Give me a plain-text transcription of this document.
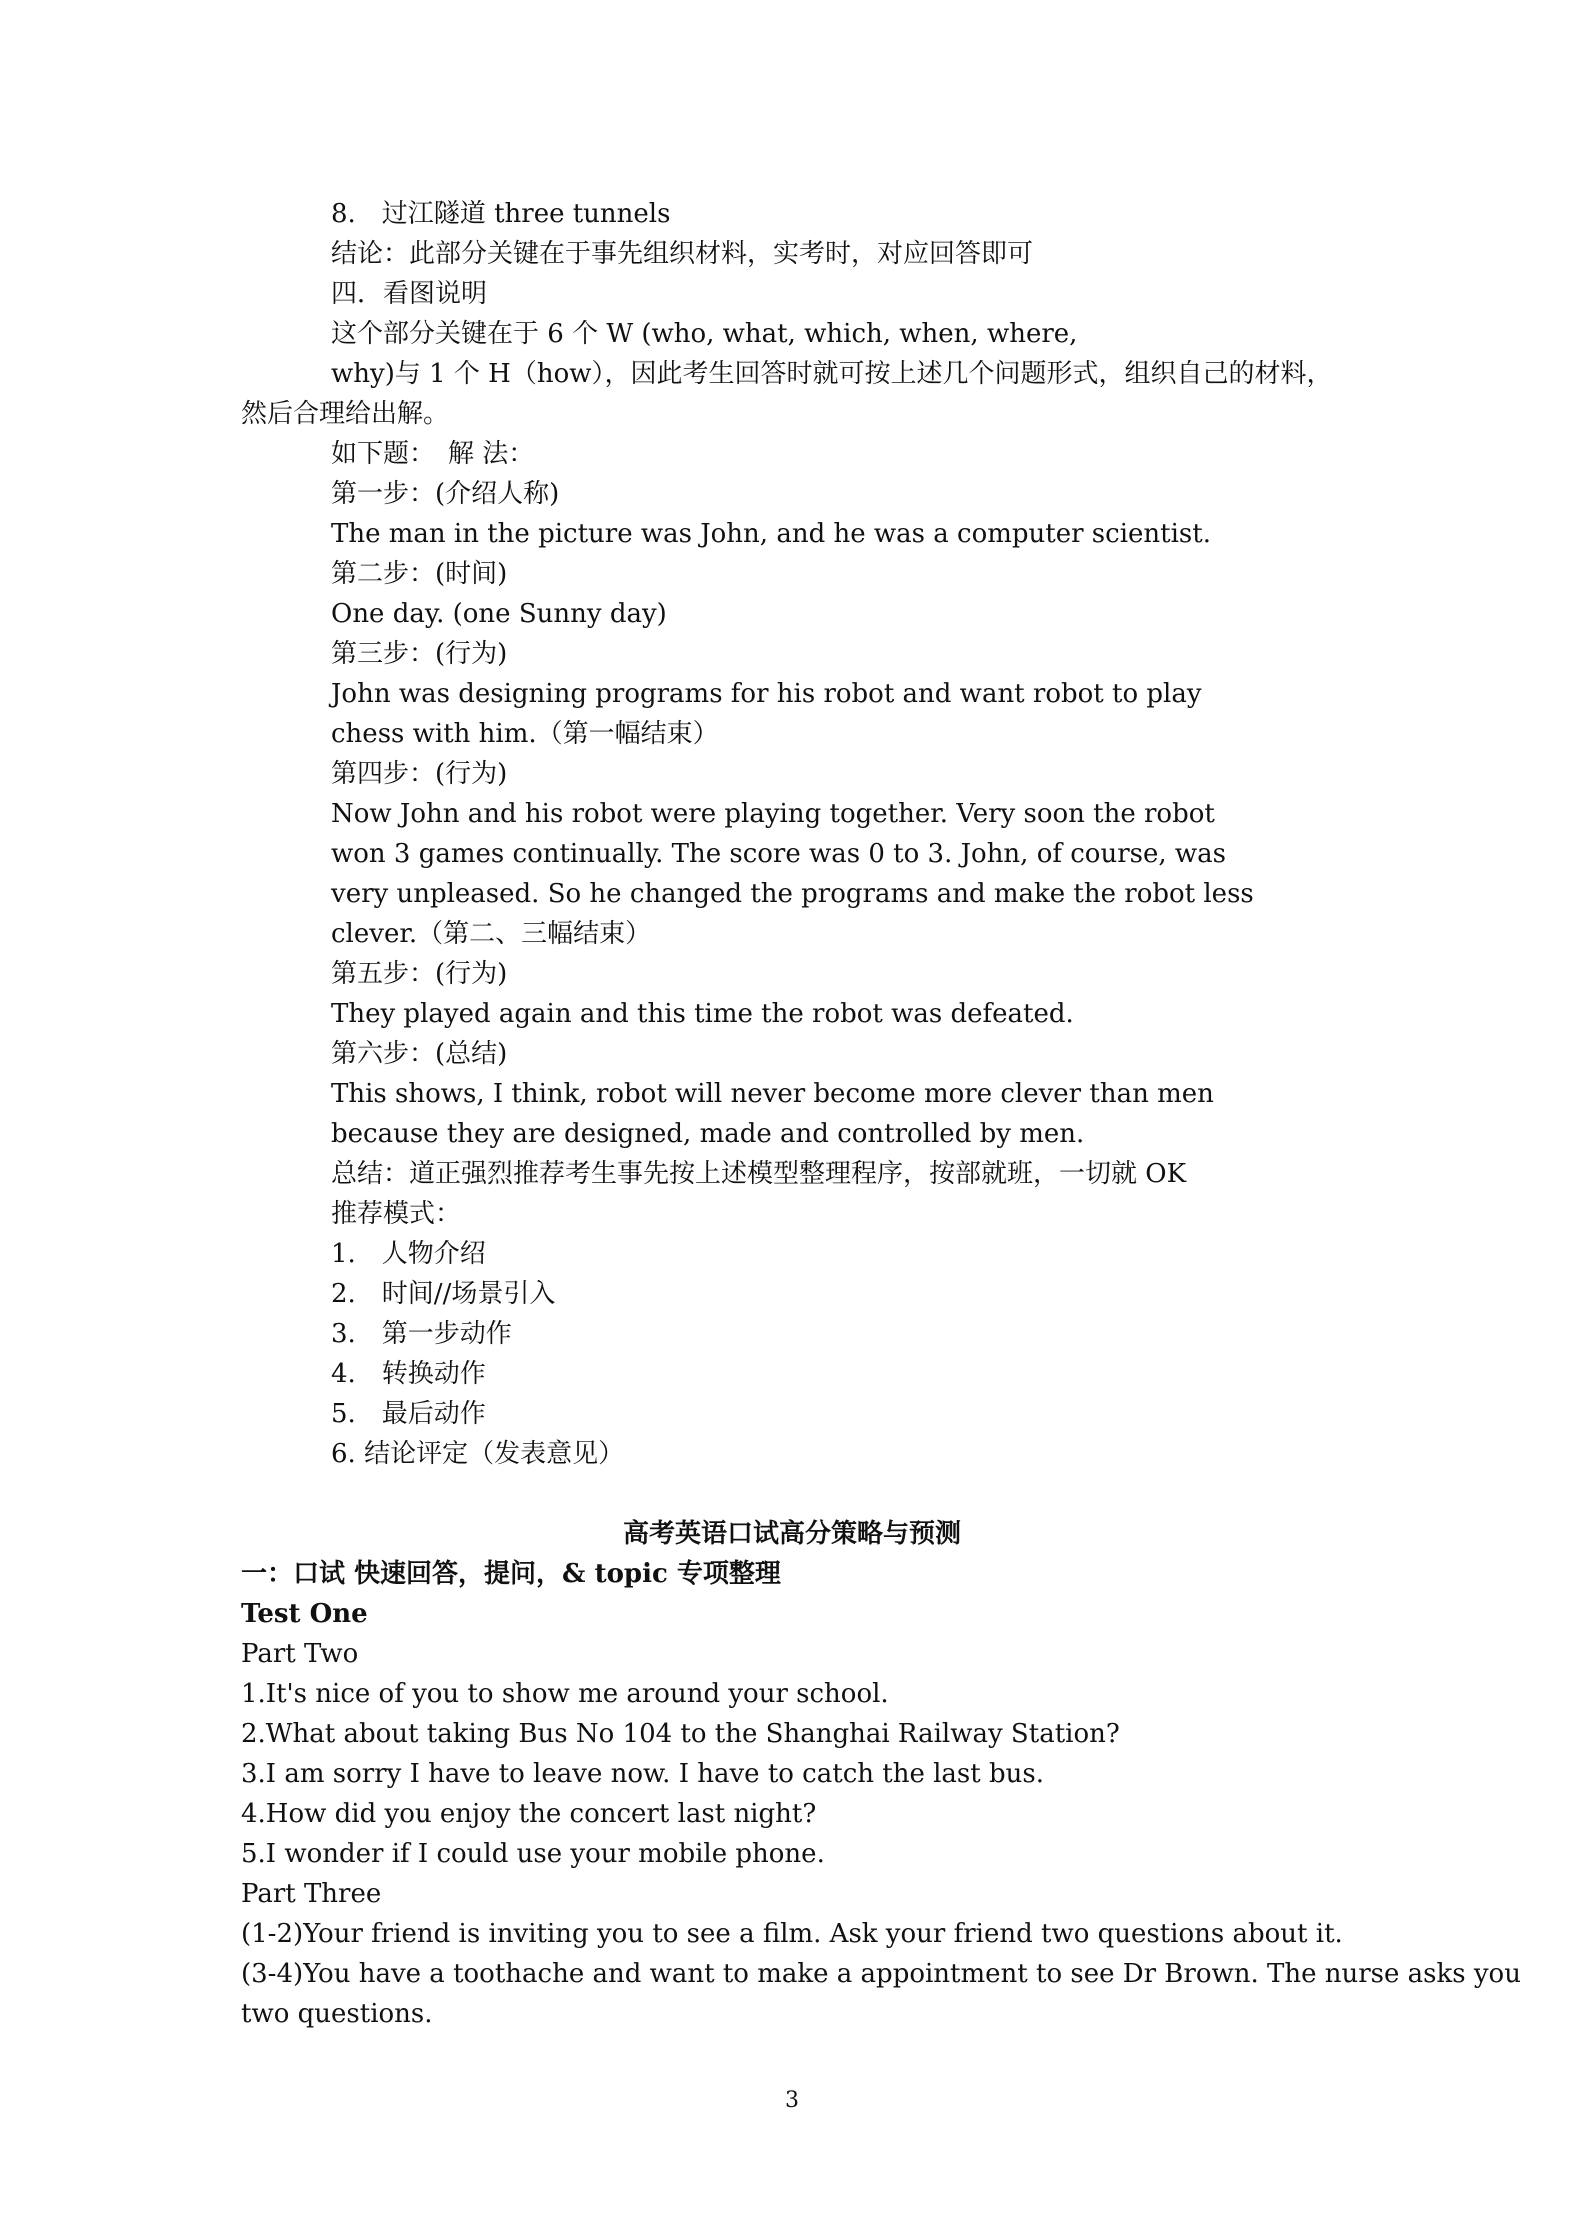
8.　过江隧道 three tunnels
结论：此部分关键在于事先组织材料，实考时，对应回答即可
四．看图说明
这个部分关键在于 6 个 W (who, what, which, when, where,
why)与 1 个 H（how），因此考生回答时就可按上述几个问题形式，组织自己的材料，
然后合理给出解。
如下题：　解 法：
第一步：(介绍人称)
The man in the picture was John, and he was a computer scientist.
第二步：(时间)
One day. (one Sunny day)
第三步：(行为)
John was designing programs for his robot and want robot to play
chess with him.（第一幅结束）
第四步：(行为)
Now John and his robot were playing together. Very soon the robot
won 3 games continually. The score was 0 to 3. John, of course, was
very unpleased. So he changed the programs and make the robot less
clever.（第二、三幅结束）
第五步：(行为)
They played again and this time the robot was defeated.
第六步：(总结)
This shows, I think, robot will never become more clever than men
because they are designed, made and controlled by men.
总结：道正强烈推荐考生事先按上述模型整理程序，按部就班，一切就 OK
推荐模式：
1.　人物介绍
2.　时间//场景引入
3.　第一步动作
4.　转换动作
5.　最后动作
6. 结论评定（发表意见）
高考英语口试高分策略与预测
一：口试 快速回答，提问，& topic 专项整理
Test One
Part Two
1.It's nice of you to show me around your school.
2.What about taking Bus No 104 to the Shanghai Railway Station?
3.I am sorry I have to leave now. I have to catch the last bus.
4.How did you enjoy the concert last night?
5.I wonder if I could use your mobile phone.
Part Three
(1-2)Your friend is inviting you to see a film. Ask your friend two questions about it.
(3-4)You have a toothache and want to make a appointment to see Dr Brown. The nurse asks you
two questions.
3
